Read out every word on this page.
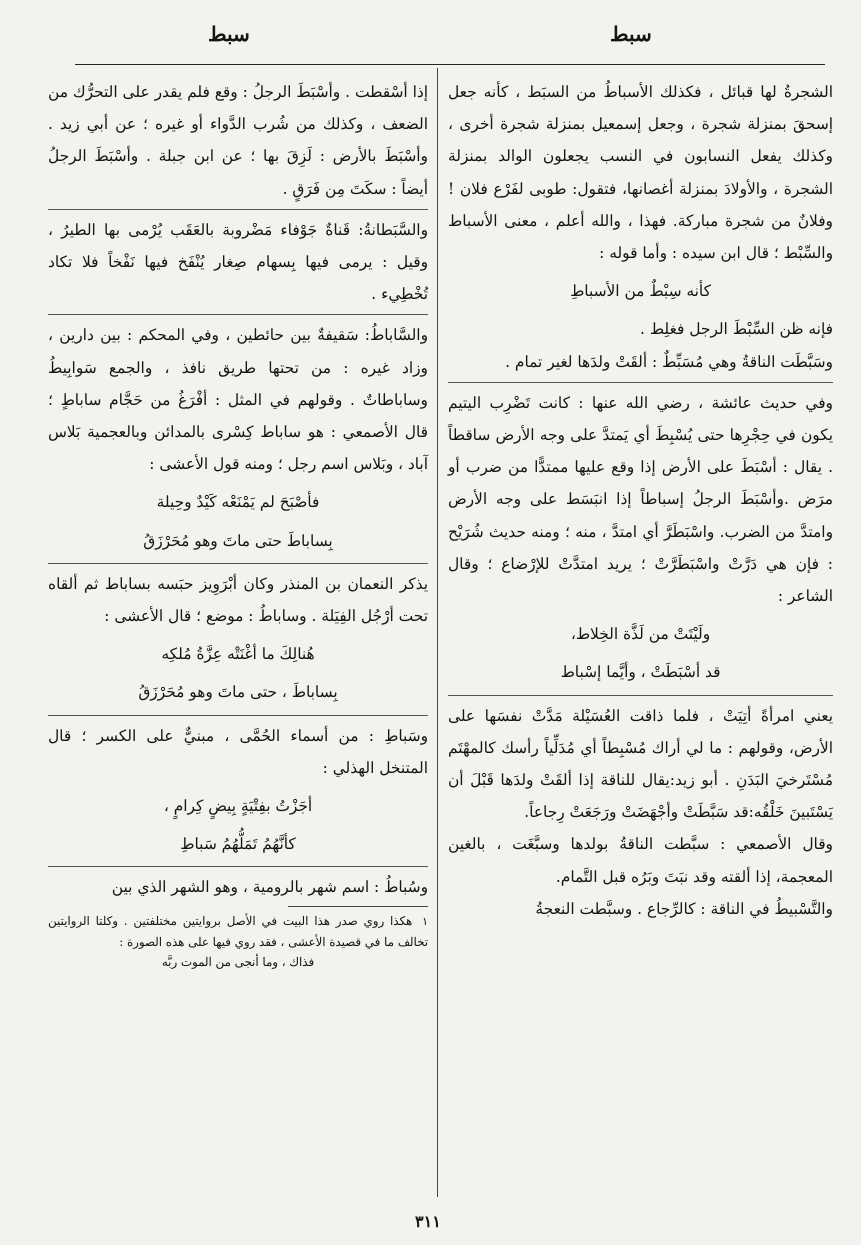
سبط
سبط

الشجرةُ لها قبائل ، فكذلك الأسباطُ من السبَط ، كأنه جعل إسحقَ بمنزلة شجرة ، وجعل إسمعيل بمنزلة شجرة أخرى ، وكذلك يفعل النسابون في النسب يجعلون الوالد بمنزلة الشجرة ، والأولادَ بمنزلة أغصانها، فتقول: طوبى لفَرْع فلان ! وفلانٌ من شجرة مباركة. فهذا ، والله أعلم ، معنى الأسباط والسِّبْط ؛ قال ابن سيده : وأما قوله :

كأنه سِبْطٌ من الأسباطِ

فإنه ظن السِّبْطَ الرجل فغلِط .

وسَبَّطَت الناقةُ وهي مُسَبِّطٌ : ألقَتْ ولدَها لغير تمام .

وفي حديث عائشة ، رضي الله عنها : كانت تَضْرِب اليتيم يكون في حِجْرِها حتى يُسْبِطَ أي يَمتدَّ على وجه الأرض ساقطاً . يقال : أسْبَطَ على الأرض إذا وقع عليها ممتدًّا من ضرب أو مرَض .وأسْبَطَ الرجلُ إسباطاً إذا انبَسَط على وجه الأرض وامتدَّ من الضرب. واسْبَطَرَّ أي امتدَّ ، منه ؛ ومنه حديث شُرَيْح : فإن هي دَرَّتْ واسْبَطَرَّتْ ؛ يريد امتدَّتْ للإرْضاع ؛ وقال الشاعر :

ولَيْتَتْ من لَذَّة الخِلاط،
قد أسْبَطَتْ ، وأيَّما إسْباط

يعني امرأةً أتِيَتْ ، فلما ذاقت العُسَيْلة مَدَّتْ نفسَها على الأرض، وقولهم : ما لي أراك مُسْبِطاً أي مُدَلِّياً رأسك كالمهْتَم مُسْتَرخيَ البَدَنِ . أبو زيد:يقال للناقة إذا ألقَتْ ولدَها قَبْلَ أن يَسْتَبينَ خَلْقُه:قد سَبَّطَتْ وأجْهَضَتْ ورَجَعَتْ رِجاعاً.

وقال الأصمعي : سبَّطت الناقةُ بولدها وسبَّغَت ، بالغين المعجمة، إذا ألقته وقد نبَتَ وبَرُه قبل التَّمام.

والتَّسْبيطُ في الناقة : كالرِّجاع . وسبَّطت النعجةُ

إذا أسْقطت . وأسْبَطَ الرجلُ : وقع فلم يقدر على التحرُّك من الضعف ، وكذلك من شُرب الدَّواء أو غيره ؛ عن أبي زيد . وأسْبَطَ بالأرض : لَزِقَ بها ؛ عن ابن جبلة . وأسْبَطَ الرجلُ أيضاً : سكَتَ مِن فَرَقٍ .

والسَّبَطانةُ: قَناةٌ جَوْفاء مَضْروبة بالعَقَب يُرْمى بها الطيرُ ، وقيل : يرمى فيها بِسهام صِغار يُنْفَخ فيها نَفْخاً فلا تكاد تُخْطِيء .

والسَّاباطُ: سَقيفةٌ بين حائطين ، وفي المحكم : بين دارين ، وزاد غيره : من تحتها طريق نافذ ، والجمع سَوابِيطُ وساباطاتٌ . وقولهم في المثل : أفْرَغُ من حَجَّام ساباطٍ ؛ قال الأصمعي : هو ساباط كِسْرى بالمدائن وبالعجمية بَلاس آباد ، وبَلاس اسم رجل ؛ ومنه قول الأعشى :

فأصْبَحَ لم يَمْنَعْه كَيْدٌ وحِيلة
بِساباطَ حتى ماتَ وهو مُحَرْزَقُ

يذكر النعمان بن المنذر وكان أبْرَوِيز حبَسه بساباط ثم ألقاه تحت أرْجُل الفِيَلة . وساباطُ : موضع ؛ قال الأعشى :

هُنالِكَ ما أغْنَتْه عِزَّةُ مُلكِه
بِساباطَ ، حتى ماتَ وهو مُحَرْزَقُ

وسَباطِ : من أسماء الحُمَّى ، مبنيٌّ على الكسر ؛ قال المتنخل الهذلي :

أجَزْتُ بفِتْيَةٍ بِيضٍ كِرامٍ ،
كأنَّهُمُ تَمَلُّهُمُ سَباطِ

وسُباطُ : اسم شهر بالرومية ، وهو الشهر الذي بين

١ هكذا روي صدر هذا البيت في الأصل بروايتين مختلفتين . وكلتا الروايتين تخالف ما في قصيدة الأعشى ، فقد روي فيها على هذه الصورة :
فذاك ، وما أنجى من الموت ربَّه
٣١١
